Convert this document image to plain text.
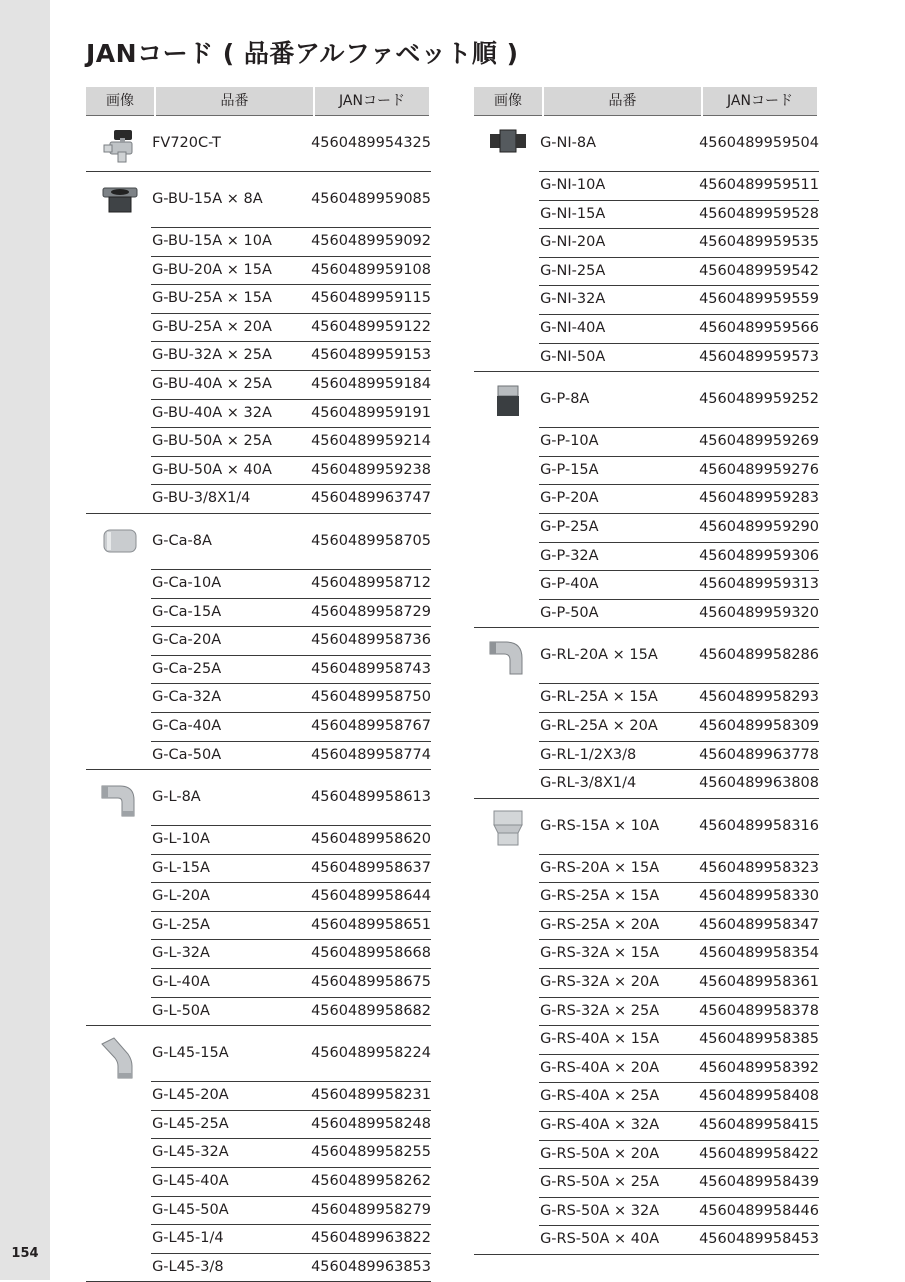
154
JANコード ( 品番アルファベット順 )
画像	品番	JANコード
FV720C-T	4560489954325
G-BU-15A × 8A	4560489959085
G-BU-15A × 10A	4560489959092
G-BU-20A × 15A	4560489959108
G-BU-25A × 15A	4560489959115
G-BU-25A × 20A	4560489959122
G-BU-32A × 25A	4560489959153
G-BU-40A × 25A	4560489959184
G-BU-40A × 32A	4560489959191
G-BU-50A × 25A	4560489959214
G-BU-50A × 40A	4560489959238
G-BU-3/8X1/4	4560489963747
G-Ca-8A	4560489958705
G-Ca-10A	4560489958712
G-Ca-15A	4560489958729
G-Ca-20A	4560489958736
G-Ca-25A	4560489958743
G-Ca-32A	4560489958750
G-Ca-40A	4560489958767
G-Ca-50A	4560489958774
G-L-8A	4560489958613
G-L-10A	4560489958620
G-L-15A	4560489958637
G-L-20A	4560489958644
G-L-25A	4560489958651
G-L-32A	4560489958668
G-L-40A	4560489958675
G-L-50A	4560489958682
G-L45-15A	4560489958224
G-L45-20A	4560489958231
G-L45-25A	4560489958248
G-L45-32A	4560489958255
G-L45-40A	4560489958262
G-L45-50A	4560489958279
G-L45-1/4	4560489963822
G-L45-3/8	4560489963853
画像	品番	JANコード
G-NI-8A	4560489959504
G-NI-10A	4560489959511
G-NI-15A	4560489959528
G-NI-20A	4560489959535
G-NI-25A	4560489959542
G-NI-32A	4560489959559
G-NI-40A	4560489959566
G-NI-50A	4560489959573
G-P-8A	4560489959252
G-P-10A	4560489959269
G-P-15A	4560489959276
G-P-20A	4560489959283
G-P-25A	4560489959290
G-P-32A	4560489959306
G-P-40A	4560489959313
G-P-50A	4560489959320
G-RL-20A × 15A	4560489958286
G-RL-25A × 15A	4560489958293
G-RL-25A × 20A	4560489958309
G-RL-1/2X3/8	4560489963778
G-RL-3/8X1/4	4560489963808
G-RS-15A × 10A	4560489958316
G-RS-20A × 15A	4560489958323
G-RS-25A × 15A	4560489958330
G-RS-25A × 20A	4560489958347
G-RS-32A × 15A	4560489958354
G-RS-32A × 20A	4560489958361
G-RS-32A × 25A	4560489958378
G-RS-40A × 15A	4560489958385
G-RS-40A × 20A	4560489958392
G-RS-40A × 25A	4560489958408
G-RS-40A × 32A	4560489958415
G-RS-50A × 20A	4560489958422
G-RS-50A × 25A	4560489958439
G-RS-50A × 32A	4560489958446
G-RS-50A × 40A	4560489958453
